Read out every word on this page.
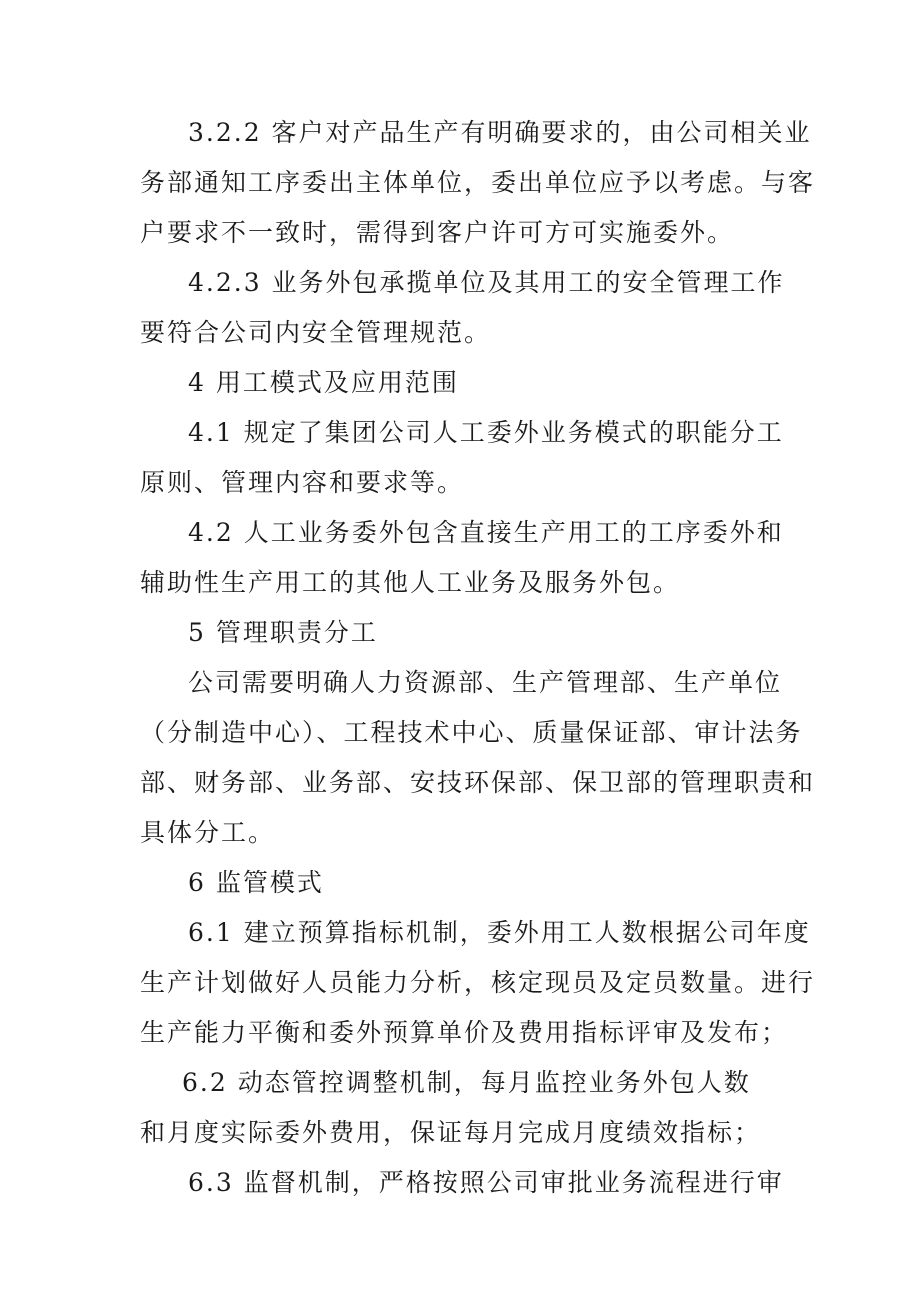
3.2.2 客户对产品生产有明确要求的，由公司相关业
务部通知工序委出主体单位，委出单位应予以考虑。与客
户要求不一致时，需得到客户许可方可实施委外。
4.2.3 业务外包承揽单位及其用工的安全管理工作
要符合公司内安全管理规范。
4 用工模式及应用范围
4.1 规定了集团公司人工委外业务模式的职能分工
原则、管理内容和要求等。
4.2 人工业务委外包含直接生产用工的工序委外和
辅助性生产用工的其他人工业务及服务外包。
5 管理职责分工
公司需要明确人力资源部、生产管理部、生产单位
（分制造中心）、工程技术中心、质量保证部、审计法务
部、财务部、业务部、安技环保部、保卫部的管理职责和
具体分工。
6 监管模式
6.1 建立预算指标机制，委外用工人数根据公司年度
生产计划做好人员能力分析，核定现员及定员数量。进行
生产能力平衡和委外预算单价及费用指标评审及发布；
6.2 动态管控调整机制，每月监控业务外包人数
和月度实际委外费用，保证每月完成月度绩效指标；
6.3 监督机制，严格按照公司审批业务流程进行审
